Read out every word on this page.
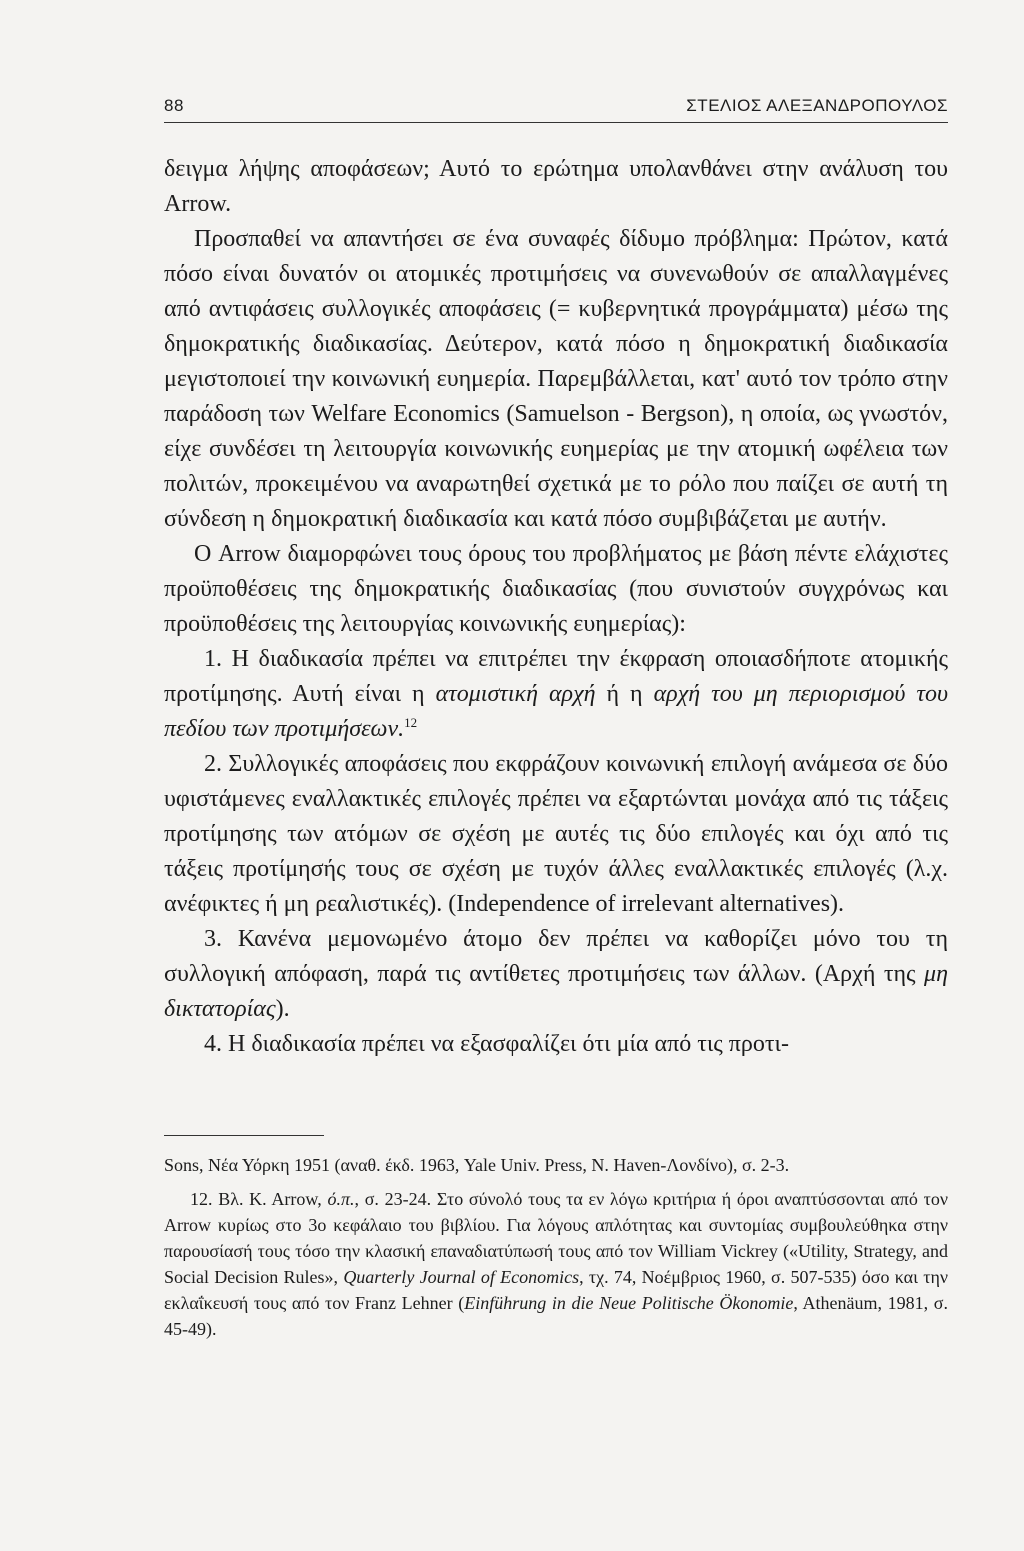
88	ΣΤΕΛΙΟΣ ΑΛΕΞΑΝΔΡΟΠΟΥΛΟΣ

δειγμα λήψης αποφάσεων; Αυτό το ερώτημα υπολανθάνει στην ανάλυση του Arrow.

Προσπαθεί να απαντήσει σε ένα συναφές δίδυμο πρόβλημα: Πρώτον, κατά πόσο είναι δυνατόν οι ατομικές προτιμήσεις να συνενωθούν σε απαλλαγμένες από αντιφάσεις συλλογικές αποφάσεις (= κυβερνητικά προγράμματα) μέσω της δημοκρατικής διαδικασίας. Δεύτερον, κατά πόσο η δημοκρατική διαδικασία μεγιστοποιεί την κοινωνική ευημερία. Παρεμβάλλεται, κατ' αυτό τον τρόπο στην παράδοση των Welfare Economics (Samuelson - Bergson), η οποία, ως γνωστόν, είχε συνδέσει τη λειτουργία κοινωνικής ευημερίας με την ατομική ωφέλεια των πολιτών, προκειμένου να αναρωτηθεί σχετικά με το ρόλο που παίζει σε αυτή τη σύνδεση η δημοκρατική διαδικασία και κατά πόσο συμβιβάζεται με αυτήν.

Ο Arrow διαμορφώνει τους όρους του προβλήματος με βάση πέντε ελάχιστες προϋποθέσεις της δημοκρατικής διαδικασίας (που συνιστούν συγχρόνως και προϋποθέσεις της λειτουργίας κοινωνικής ευημερίας):

1. Η διαδικασία πρέπει να επιτρέπει την έκφραση οποιασδήποτε ατομικής προτίμησης. Αυτή είναι η ατομιστική αρχή ή η αρχή του μη περιορισμού του πεδίου των προτιμήσεων.$^{12}$

2. Συλλογικές αποφάσεις που εκφράζουν κοινωνική επιλογή ανάμεσα σε δύο υφιστάμενες εναλλακτικές επιλογές πρέπει να εξαρτώνται μονάχα από τις τάξεις προτίμησης των ατόμων σε σχέση με αυτές τις δύο επιλογές και όχι από τις τάξεις προτίμησής τους σε σχέση με τυχόν άλλες εναλλακτικές επιλογές (λ.χ. ανέφικτες ή μη ρεαλιστικές). (Independence of irrelevant alternatives).

3. Κανένα μεμονωμένο άτομο δεν πρέπει να καθορίζει μόνο του τη συλλογική απόφαση, παρά τις αντίθετες προτιμήσεις των άλλων. (Αρχή της μη δικτατορίας).

4. Η διαδικασία πρέπει να εξασφαλίζει ότι μία από τις προτι-

Sons, Νέα Υόρκη 1951 (αναθ. έκδ. 1963, Yale Univ. Press, N. Haven-Λονδίνο), σ. 2-3.

12. Βλ. K. Arrow, ό.π., σ. 23-24. Στο σύνολό τους τα εν λόγω κριτήρια ή όροι αναπτύσσονται από τον Arrow κυρίως στο 3ο κεφάλαιο του βιβλίου. Για λόγους απλότητας και συντομίας συμβουλεύθηκα στην παρουσίασή τους τόσο την κλασική επαναδιατύπωσή τους από τον William Vickrey («Utility, Strategy, and Social Decision Rules», Quarterly Journal of Economics, τχ. 74, Νοέμβριος 1960, σ. 507-535) όσο και την εκλαΐκευσή τους από τον Franz Lehner (Einführung in die Neue Politische Ökonomie, Athenäum, 1981, σ. 45-49).
